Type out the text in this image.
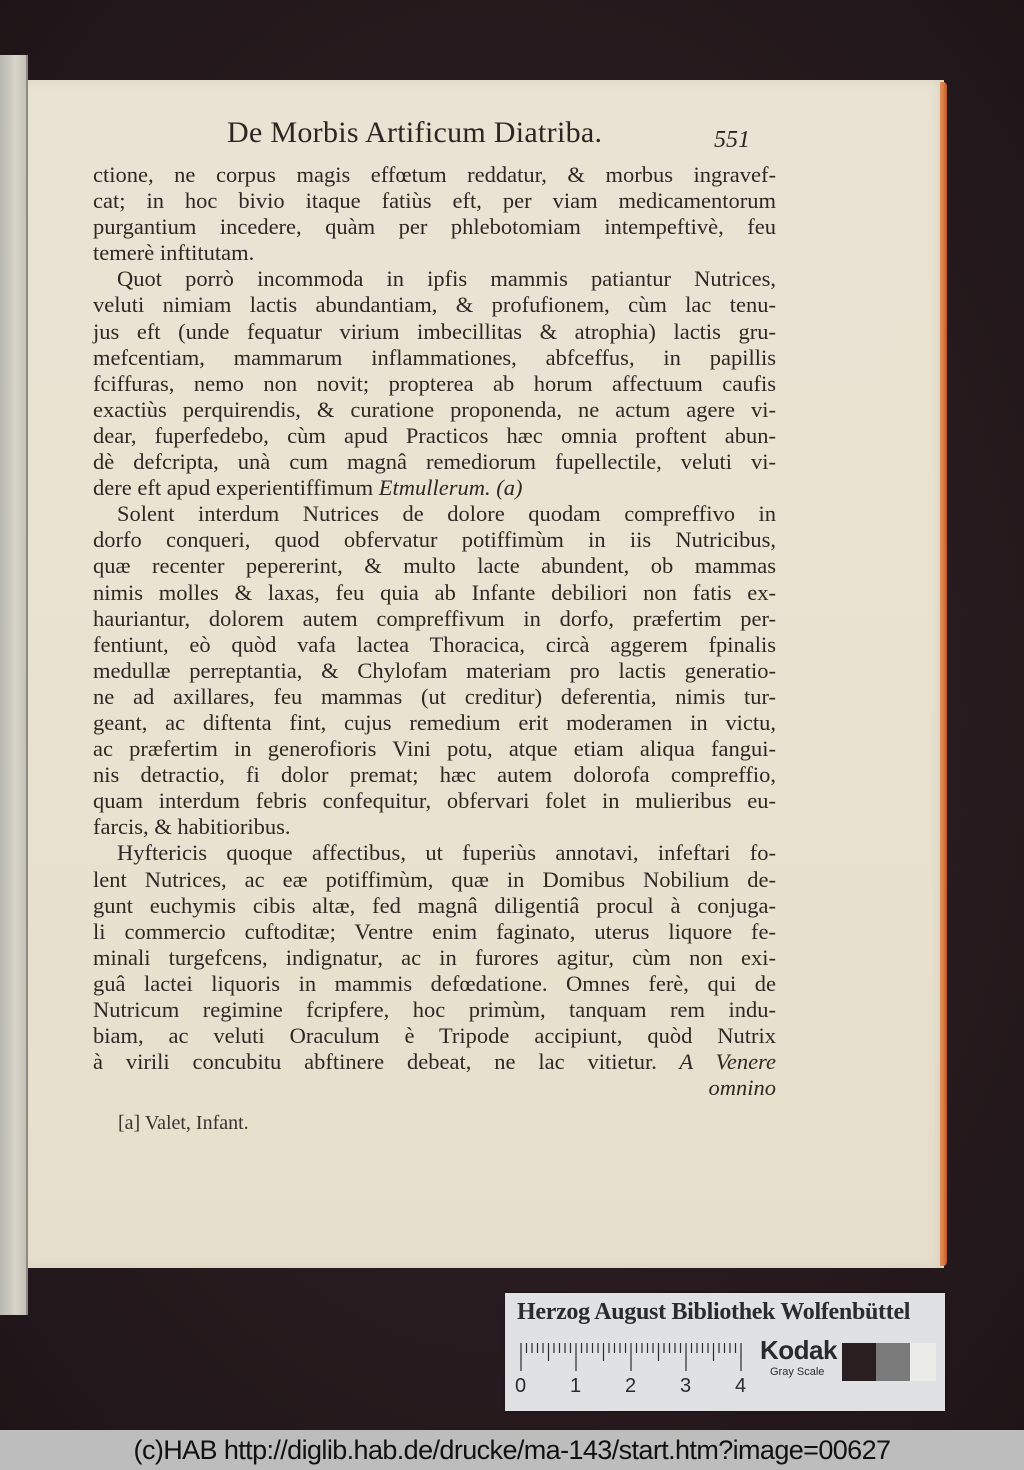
De Morbis Artificum Diatriba.	551
ctione, ne corpus magis effœtum reddatur, & morbus ingravef-
cat; in hoc bivio itaque fatiùs eft, per viam medicamentorum
purgantium incedere, quàm per phlebotomiam intempeftivè, feu
temerè inftitutam.
Quot porrò incommoda in ipfis mammis patiantur Nutrices,
veluti nimiam lactis abundantiam, & profufionem, cùm lac tenu-
jus eft (unde fequatur virium imbecillitas & atrophia) lactis gru-
mefcentiam, mammarum inflammationes, abfceffus, in papillis
fciffuras, nemo non novit; propterea ab horum affectuum caufis
exactiùs perquirendis, & curatione proponenda, ne actum agere vi-
dear, fuperfedebo, cùm apud Practicos hæc omnia proftent abun-
dè defcripta, unà cum magnâ remediorum fupellectile, veluti vi-
dere eft apud experientiffimum Etmullerum. (a)
Solent interdum Nutrices de dolore quodam compreffivo in
dorfo conqueri, quod obfervatur potiffimùm in iis Nutricibus,
quæ recenter pepererint, & multo lacte abundent, ob mammas
nimis molles & laxas, feu quia ab Infante debiliori non fatis ex-
hauriantur, dolorem autem compreffivum in dorfo, præfertim per-
fentiunt, eò quòd vafa lactea Thoracica, circà aggerem fpinalis
medullæ perreptantia, & Chylofam materiam pro lactis generatio-
ne ad axillares, feu mammas (ut creditur) deferentia, nimis tur-
geant, ac diftenta fint, cujus remedium erit moderamen in victu,
ac præfertim in generofioris Vini potu, atque etiam aliqua fangui-
nis detractio, fi dolor premat; hæc autem dolorofa compreffio,
quam interdum febris confequitur, obfervari folet in mulieribus eu-
farcis, & habitioribus.
Hyftericis quoque affectibus, ut fuperiùs annotavi, infeftari fo-
lent Nutrices, ac eæ potiffimùm, quæ in Domibus Nobilium de-
gunt euchymis cibis altæ, fed magnâ diligentiâ procul à conjuga-
li commercio cuftoditæ; Ventre enim faginato, uterus liquore fe-
minali turgefcens, indignatur, ac in furores agitur, cùm non exi-
guâ lactei liquoris in mammis defœdatione. Omnes ferè, qui de
Nutricum regimine fcripfere, hoc primùm, tanquam rem indu-
biam, ac veluti Oraculum è Tripode accipiunt, quòd Nutrix
à virili concubitu abftinere debeat, ne lac vitietur. A Venere
omnino
[a] Valet, Infant.
Herzog August Bibliothek Wolfenbüttel
0 1 2 3 4
Kodak
Gray Scale
(c)HAB http://diglib.hab.de/drucke/ma-143/start.htm?image=00627
